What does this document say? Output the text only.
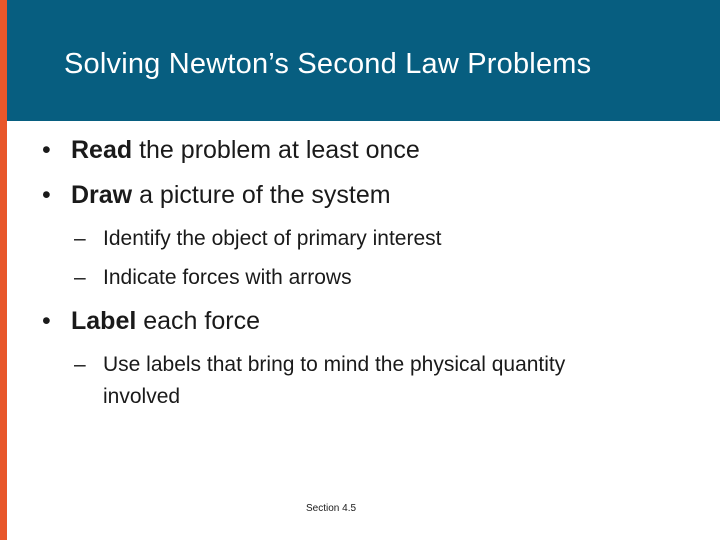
Solving Newton’s Second Law Problems
• Read the problem at least once
• Draw a picture of the system
– Identify the object of primary interest
– Indicate forces with arrows
• Label each force
– Use labels that bring to mind the physical quantity
involved
Section 4.5
